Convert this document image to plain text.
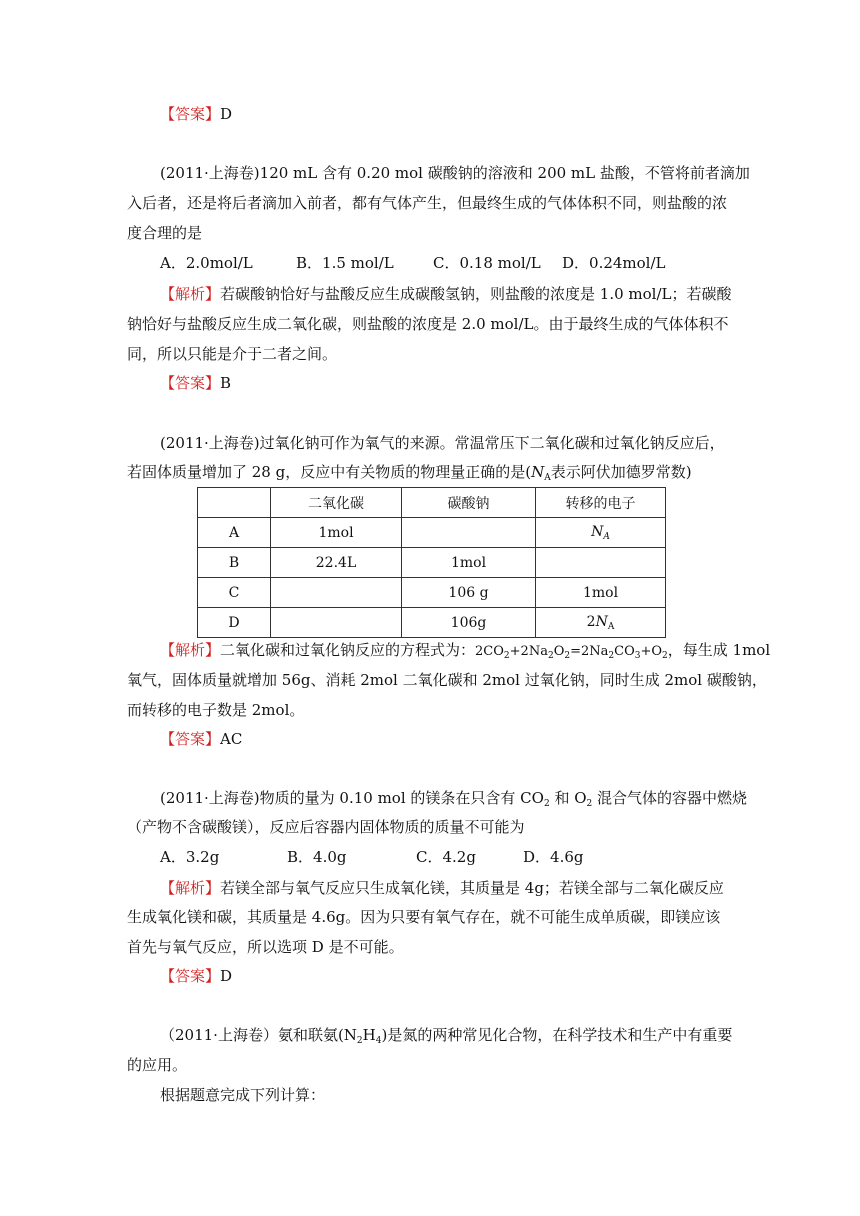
【答案】D
(2011·上海卷)120 mL 含有 0.20 mol 碳酸钠的溶液和 200 mL 盐酸，不管将前者滴加
入后者，还是将后者滴加入前者，都有气体产生，但最终生成的气体体积不同，则盐酸的浓
度合理的是
A．2.0mol/L	B．1.5 mol/L	C．0.18 mol/L D．0.24mol/L
【解析】若碳酸钠恰好与盐酸反应生成碳酸氢钠，则盐酸的浓度是 1.0 mol/L；若碳酸
钠恰好与盐酸反应生成二氧化碳，则盐酸的浓度是 2.0 mol/L。由于最终生成的气体体积不
同，所以只能是介于二者之间。
【答案】B
(2011·上海卷)过氧化钠可作为氧气的来源。常温常压下二氧化碳和过氧化钠反应后，
若固体质量增加了 28 g，反应中有关物质的物理量正确的是($N_A$表示阿伏加德罗常数)
	二氧化碳	碳酸钠	转移的电子
A	1mol		$N_A$
B	22.4L	1mol	
C		106 g	1mol
D		106g	$2N_A$
【解析】二氧化碳和过氧化钠反应的方程式为：$2CO_2+2Na_2O_2=2Na_2CO_3+O_2$，每生成 1mol
氧气，固体质量就增加 56g、消耗 2mol 二氧化碳和 2mol 过氧化钠，同时生成 2mol 碳酸钠，
而转移的电子数是 2mol。
【答案】AC
(2011·上海卷)物质的量为 0.10 mol 的镁条在只含有 $CO_2$ 和 $O_2$ 混合气体的容器中燃烧
（产物不含碳酸镁），反应后容器内固体物质的质量不可能为
A．3.2g	B．4.0g	C．4.2g	D．4.6g
【解析】若镁全部与氧气反应只生成氧化镁，其质量是 4g；若镁全部与二氧化碳反应
生成氧化镁和碳，其质量是 4.6g。因为只要有氧气存在，就不可能生成单质碳，即镁应该
首先与氧气反应，所以选项 D 是不可能。
【答案】D
（2011·上海卷）氨和联氨$(N_2H_4)$是氮的两种常见化合物，在科学技术和生产中有重要
的应用。
根据题意完成下列计算：
